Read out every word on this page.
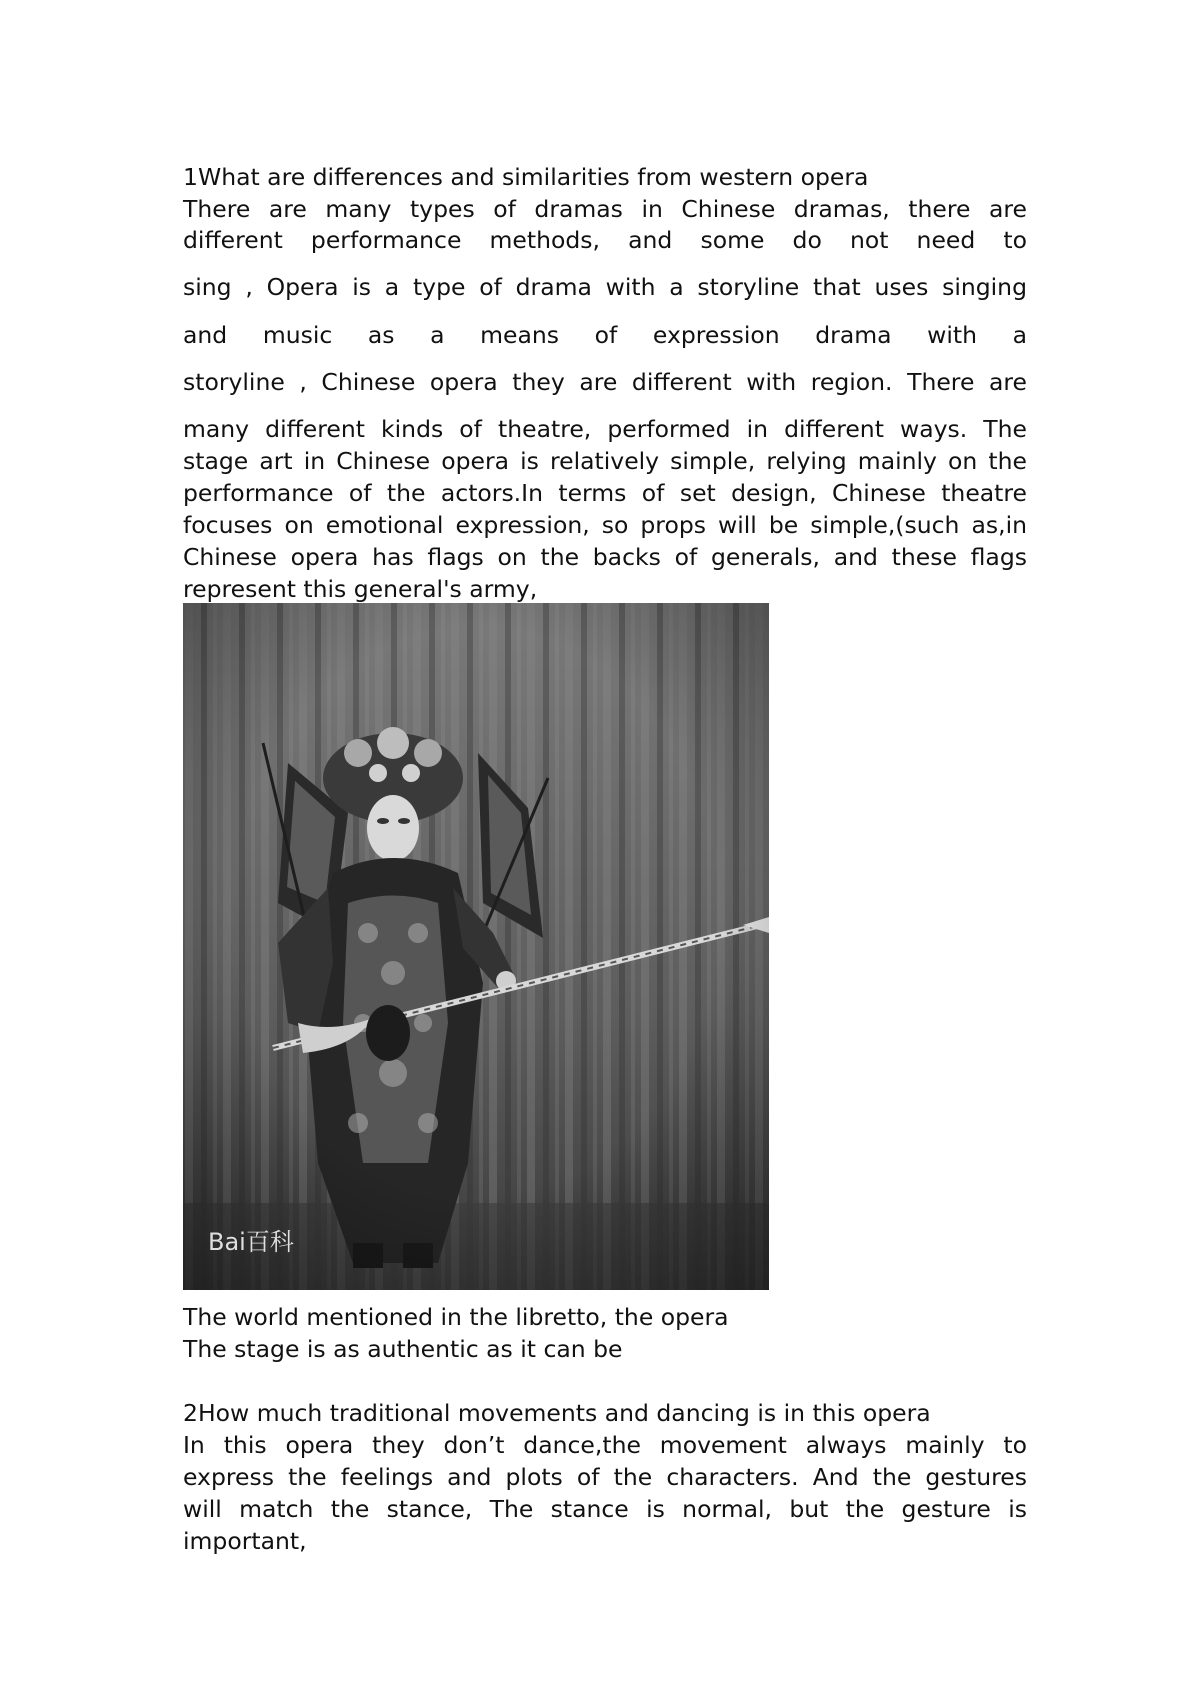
1What are differences and similarities from western opera

There are many types of dramas in Chinese dramas, there are

different performance methods, and some do not need to

sing , Opera is a type of drama with a storyline that uses singing

and music as a means of expression drama with a

storyline , Chinese opera they are different with region. There are

many different kinds of theatre, performed in different ways. The

stage art in Chinese opera is relatively simple, relying mainly on the

performance of the actors.In terms of set design, Chinese theatre

focuses on emotional expression, so props will be simple,(such as,in

Chinese opera has flags on the backs of generals, and these flags

represent this general's army,

Bai百科

The world mentioned in the libretto, the opera

The stage is as authentic as it can be

2How much traditional movements and dancing is in this opera

In this opera they don’t dance,the movement always mainly to

express the feelings and plots of the characters. And the gestures

will match the stance, The stance is normal, but the gesture is

important,
